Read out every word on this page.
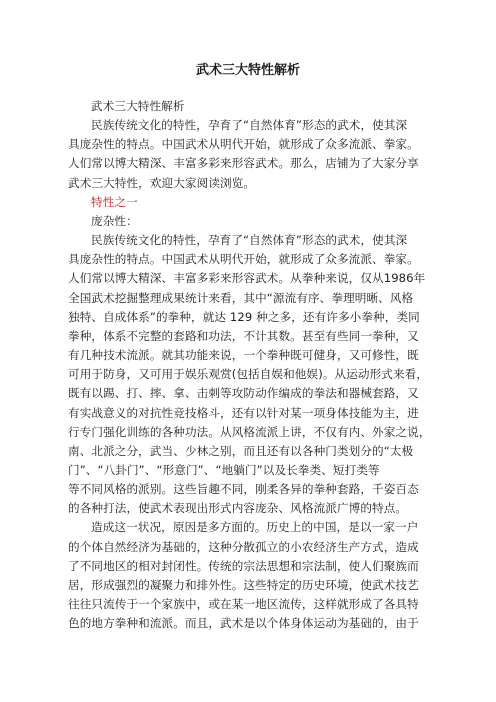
武术三大特性解析

武术三大特性解析

民族传统文化的特性，孕育了“自然体育”形态的武术，使其深

具庞杂性的特点。中国武术从明代开始，就形成了众多流派、拳家。

人们常以博大精深、丰富多彩来形容武术。那么，店铺为了大家分享

武术三大特性，欢迎大家阅读浏览。

特性之一

庞杂性：

民族传统文化的特性，孕育了“自然体育”形态的武术，使其深

具庞杂性的特点。中国武术从明代开始，就形成了众多流派、拳家。

人们常以博大精深、丰富多彩来形容武术。从拳种来说，仅从1986年

全国武术挖掘整理成果统计来看，其中“源流有序、拳理明晰、风格

独特、自成体系”的拳种，就达 129 种之多，还有许多小拳种，类同

拳种，体系不完整的套路和功法，不计其数。甚至有些同一拳种，又

有几种技术流派。就其功能来说，一个拳种既可健身，又可修性，既

可用于防身，又可用于娱乐观赏(包括自娱和他娱)。从运动形式来看，

既有以踢、打、摔、拿、击刺等攻防动作编成的拳法和器械套路，又

有实战意义的对抗性竞技格斗，还有以针对某一项身体技能为主，进

行专门强化训练的各种功法。从风格流派上讲，不仅有内、外家之说，

南、北派之分，武当、少林之别，而且还有以各种门类划分的“太极

门”、“八卦门”、“形意门”、“地躺门”以及长拳类、短打类等

等不同风格的派别。这些旨趣不同，刚柔各异的拳种套路，千姿百态

的各种打法，使武术表现出形式内容庞杂、风格流派广博的特点。

造成这一状况，原因是多方面的。历史上的中国，是以一家一户

的个体自然经济为基础的，这种分散孤立的小农经济生产方式，造成

了不同地区的相对封闭性。传统的宗法思想和宗法制，使人们聚族而

居，形成强烈的凝聚力和排外性。这些特定的历史环境，使武术技艺

往往只流传于一个家族中，或在某一地区流传，这样就形成了各具特

色的地方拳种和流派。而且，武术是以个体身体运动为基础的，由于
